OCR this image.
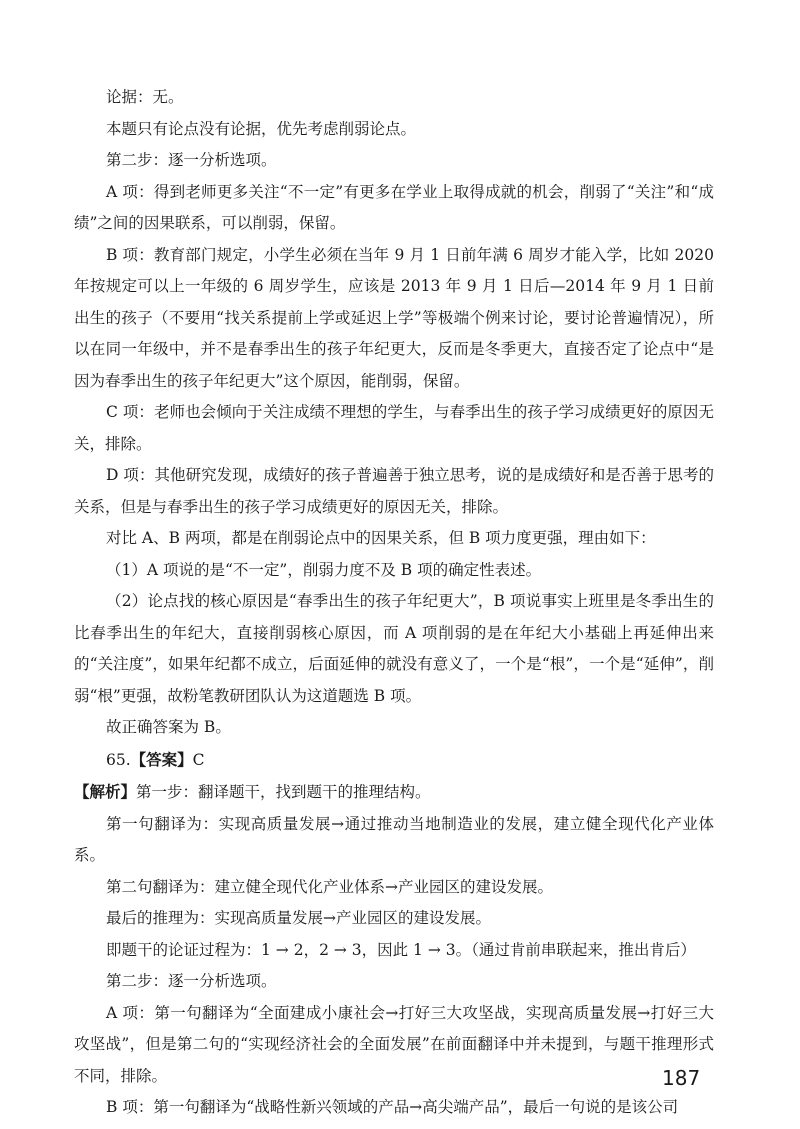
论据：无。

本题只有论点没有论据，优先考虑削弱论点。

第二步：逐一分析选项。

A 项：得到老师更多关注“不一定”有更多在学业上取得成就的机会，削弱了“关注”和“成绩”之间的因果联系，可以削弱，保留。

B 项：教育部门规定，小学生必须在当年 9 月 1 日前年满 6 周岁才能入学，比如 2020 年按规定可以上一年级的 6 周岁学生，应该是 2013 年 9 月 1 日后—2014 年 9 月 1 日前出生的孩子（不要用“找关系提前上学或延迟上学”等极端个例来讨论，要讨论普遍情况），所以在同一年级中，并不是春季出生的孩子年纪更大，反而是冬季更大，直接否定了论点中“是因为春季出生的孩子年纪更大”这个原因，能削弱，保留。

C 项：老师也会倾向于关注成绩不理想的学生，与春季出生的孩子学习成绩更好的原因无关，排除。

D 项：其他研究发现，成绩好的孩子普遍善于独立思考，说的是成绩好和是否善于思考的关系，但是与春季出生的孩子学习成绩更好的原因无关，排除。

对比 A、B 两项，都是在削弱论点中的因果关系，但 B 项力度更强，理由如下：

（1）A 项说的是“不一定”，削弱力度不及 B 项的确定性表述。

（2）论点找的核心原因是“春季出生的孩子年纪更大”，B 项说事实上班里是冬季出生的比春季出生的年纪大，直接削弱核心原因，而 A 项削弱的是在年纪大小基础上再延伸出来的“关注度”，如果年纪都不成立，后面延伸的就没有意义了，一个是“根”，一个是“延伸”，削弱“根”更强，故粉笔教研团队认为这道题选 B 项。

故正确答案为 B。

65.【答案】C

【解析】第一步：翻译题干，找到题干的推理结构。

第一句翻译为：实现高质量发展→通过推动当地制造业的发展，建立健全现代化产业体系。

第二句翻译为：建立健全现代化产业体系→产业园区的建设发展。

最后的推理为：实现高质量发展→产业园区的建设发展。

即题干的论证过程为：1 → 2，2 → 3，因此 1 → 3。（通过肯前串联起来，推出肯后）

第二步：逐一分析选项。

A 项：第一句翻译为“全面建成小康社会→打好三大攻坚战，实现高质量发展→打好三大攻坚战”，但是第二句的“实现经济社会的全面发展”在前面翻译中并未提到，与题干推理形式不同，排除。

B 项：第一句翻译为“战略性新兴领域的产品→高尖端产品”，最后一句说的是该公司

187
